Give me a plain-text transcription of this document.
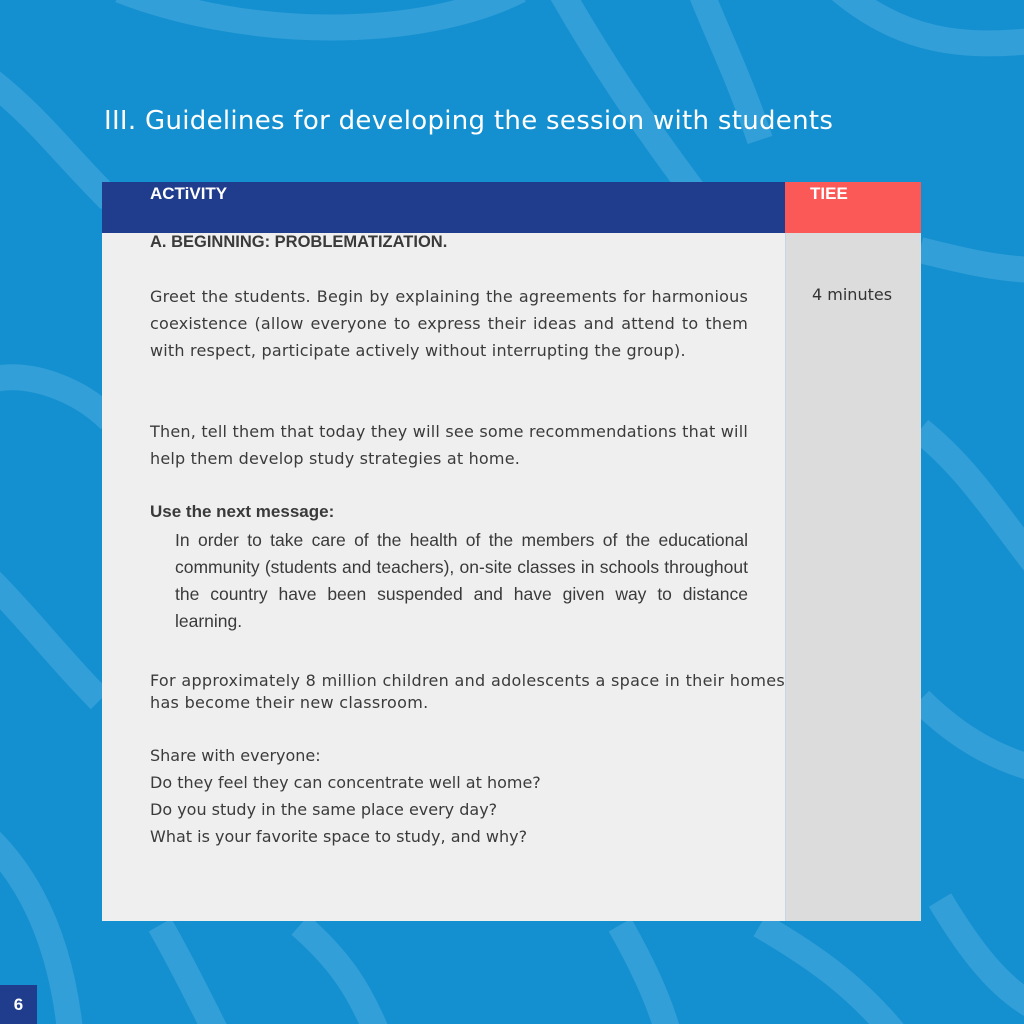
III. Guidelines for developing the session with students
ACTiVITY	TIEE
4 minutes
A. BEGINNING: PROBLEMATIZATION.
Greet the students. Begin by explaining the agreements for harmonious coexistence (allow everyone to express their ideas and attend to them with respect, participate actively without interrupting the group).
Then, tell them that today they will see some recommendations that will help them develop study strategies at home.
Use the next message:
In order to take care of the health of the members of the educational community (students and teachers), on-site classes in schools throughout the country have been suspended and have given way to distance learning.
For approximately 8 million children and adolescents a space in their homes has become their new classroom.
Share with everyone:
Do they feel they can concentrate well at home?
Do you study in the same place every day?
What is your favorite space to study, and why?
6
